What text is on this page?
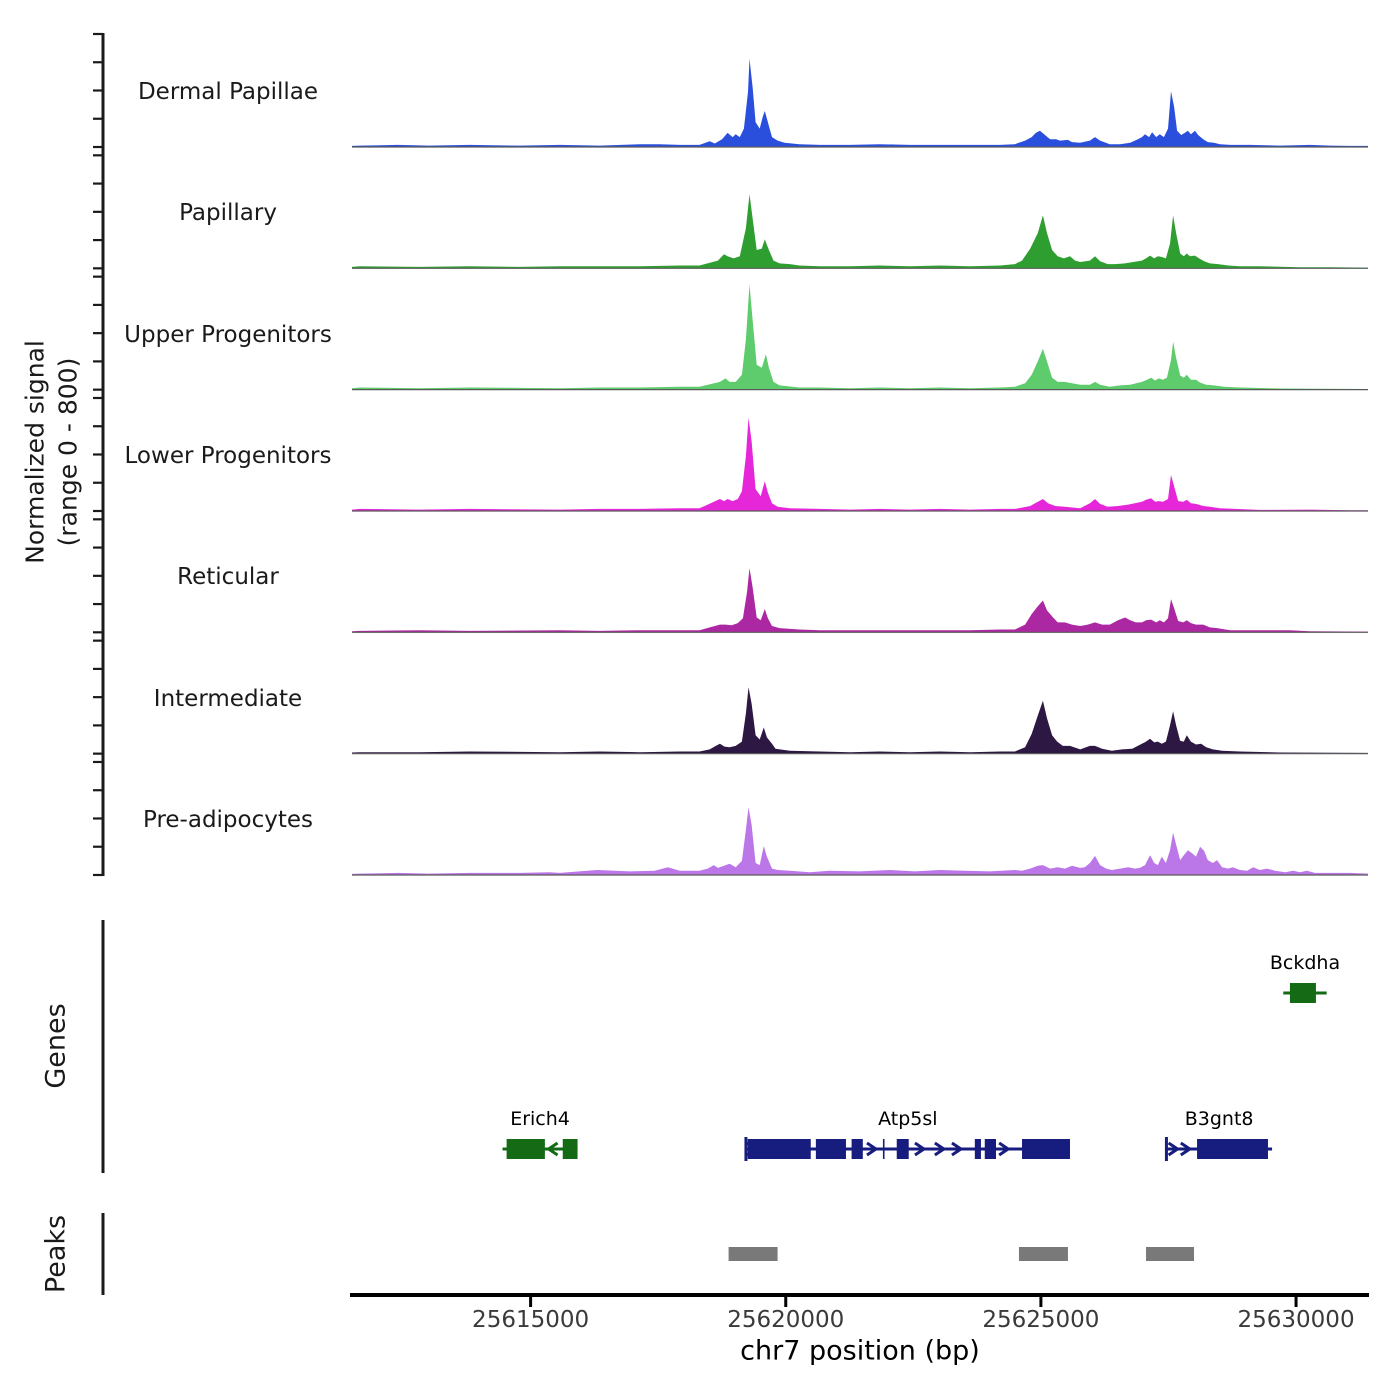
Normalized signal (range 0 - 800)
Genes
Peaks
chr7 position (bp)
Dermal Papillae
Papillary
Upper Progenitors
Lower Progenitors
Reticular
Intermediate
Pre-adipocytes
Erich4	Atp5sl	B3gnt8
Bckdha
25615000	25620000	25625000	25630000
